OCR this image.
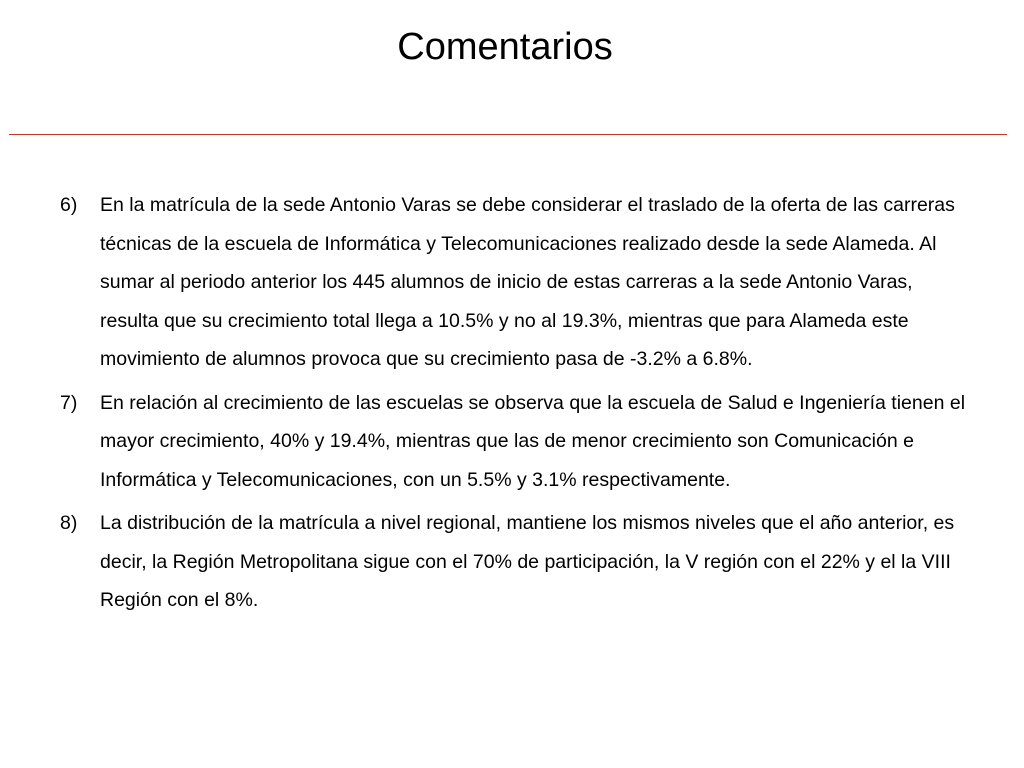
Comentarios
6)	En la matrícula de la sede Antonio Varas se debe considerar el traslado de la oferta de las carreras técnicas de la escuela de Informática y Telecomunicaciones realizado desde la sede Alameda. Al sumar al periodo anterior los 445 alumnos de inicio de estas carreras a la sede Antonio Varas, resulta que su crecimiento total llega a 10.5% y no al 19.3%, mientras que para Alameda este movimiento de alumnos provoca que su crecimiento pasa de -3.2% a 6.8%.
7)	En relación al crecimiento de las escuelas se observa que la escuela de Salud e Ingeniería tienen el mayor crecimiento, 40% y 19.4%, mientras que las de menor crecimiento son Comunicación e Informática y Telecomunicaciones, con un 5.5% y 3.1% respectivamente.
8)	La distribución de la matrícula a nivel regional, mantiene los mismos niveles que el año anterior, es decir, la Región Metropolitana sigue con el 70% de participación, la V región con el 22% y el la VIII Región con el 8%.
